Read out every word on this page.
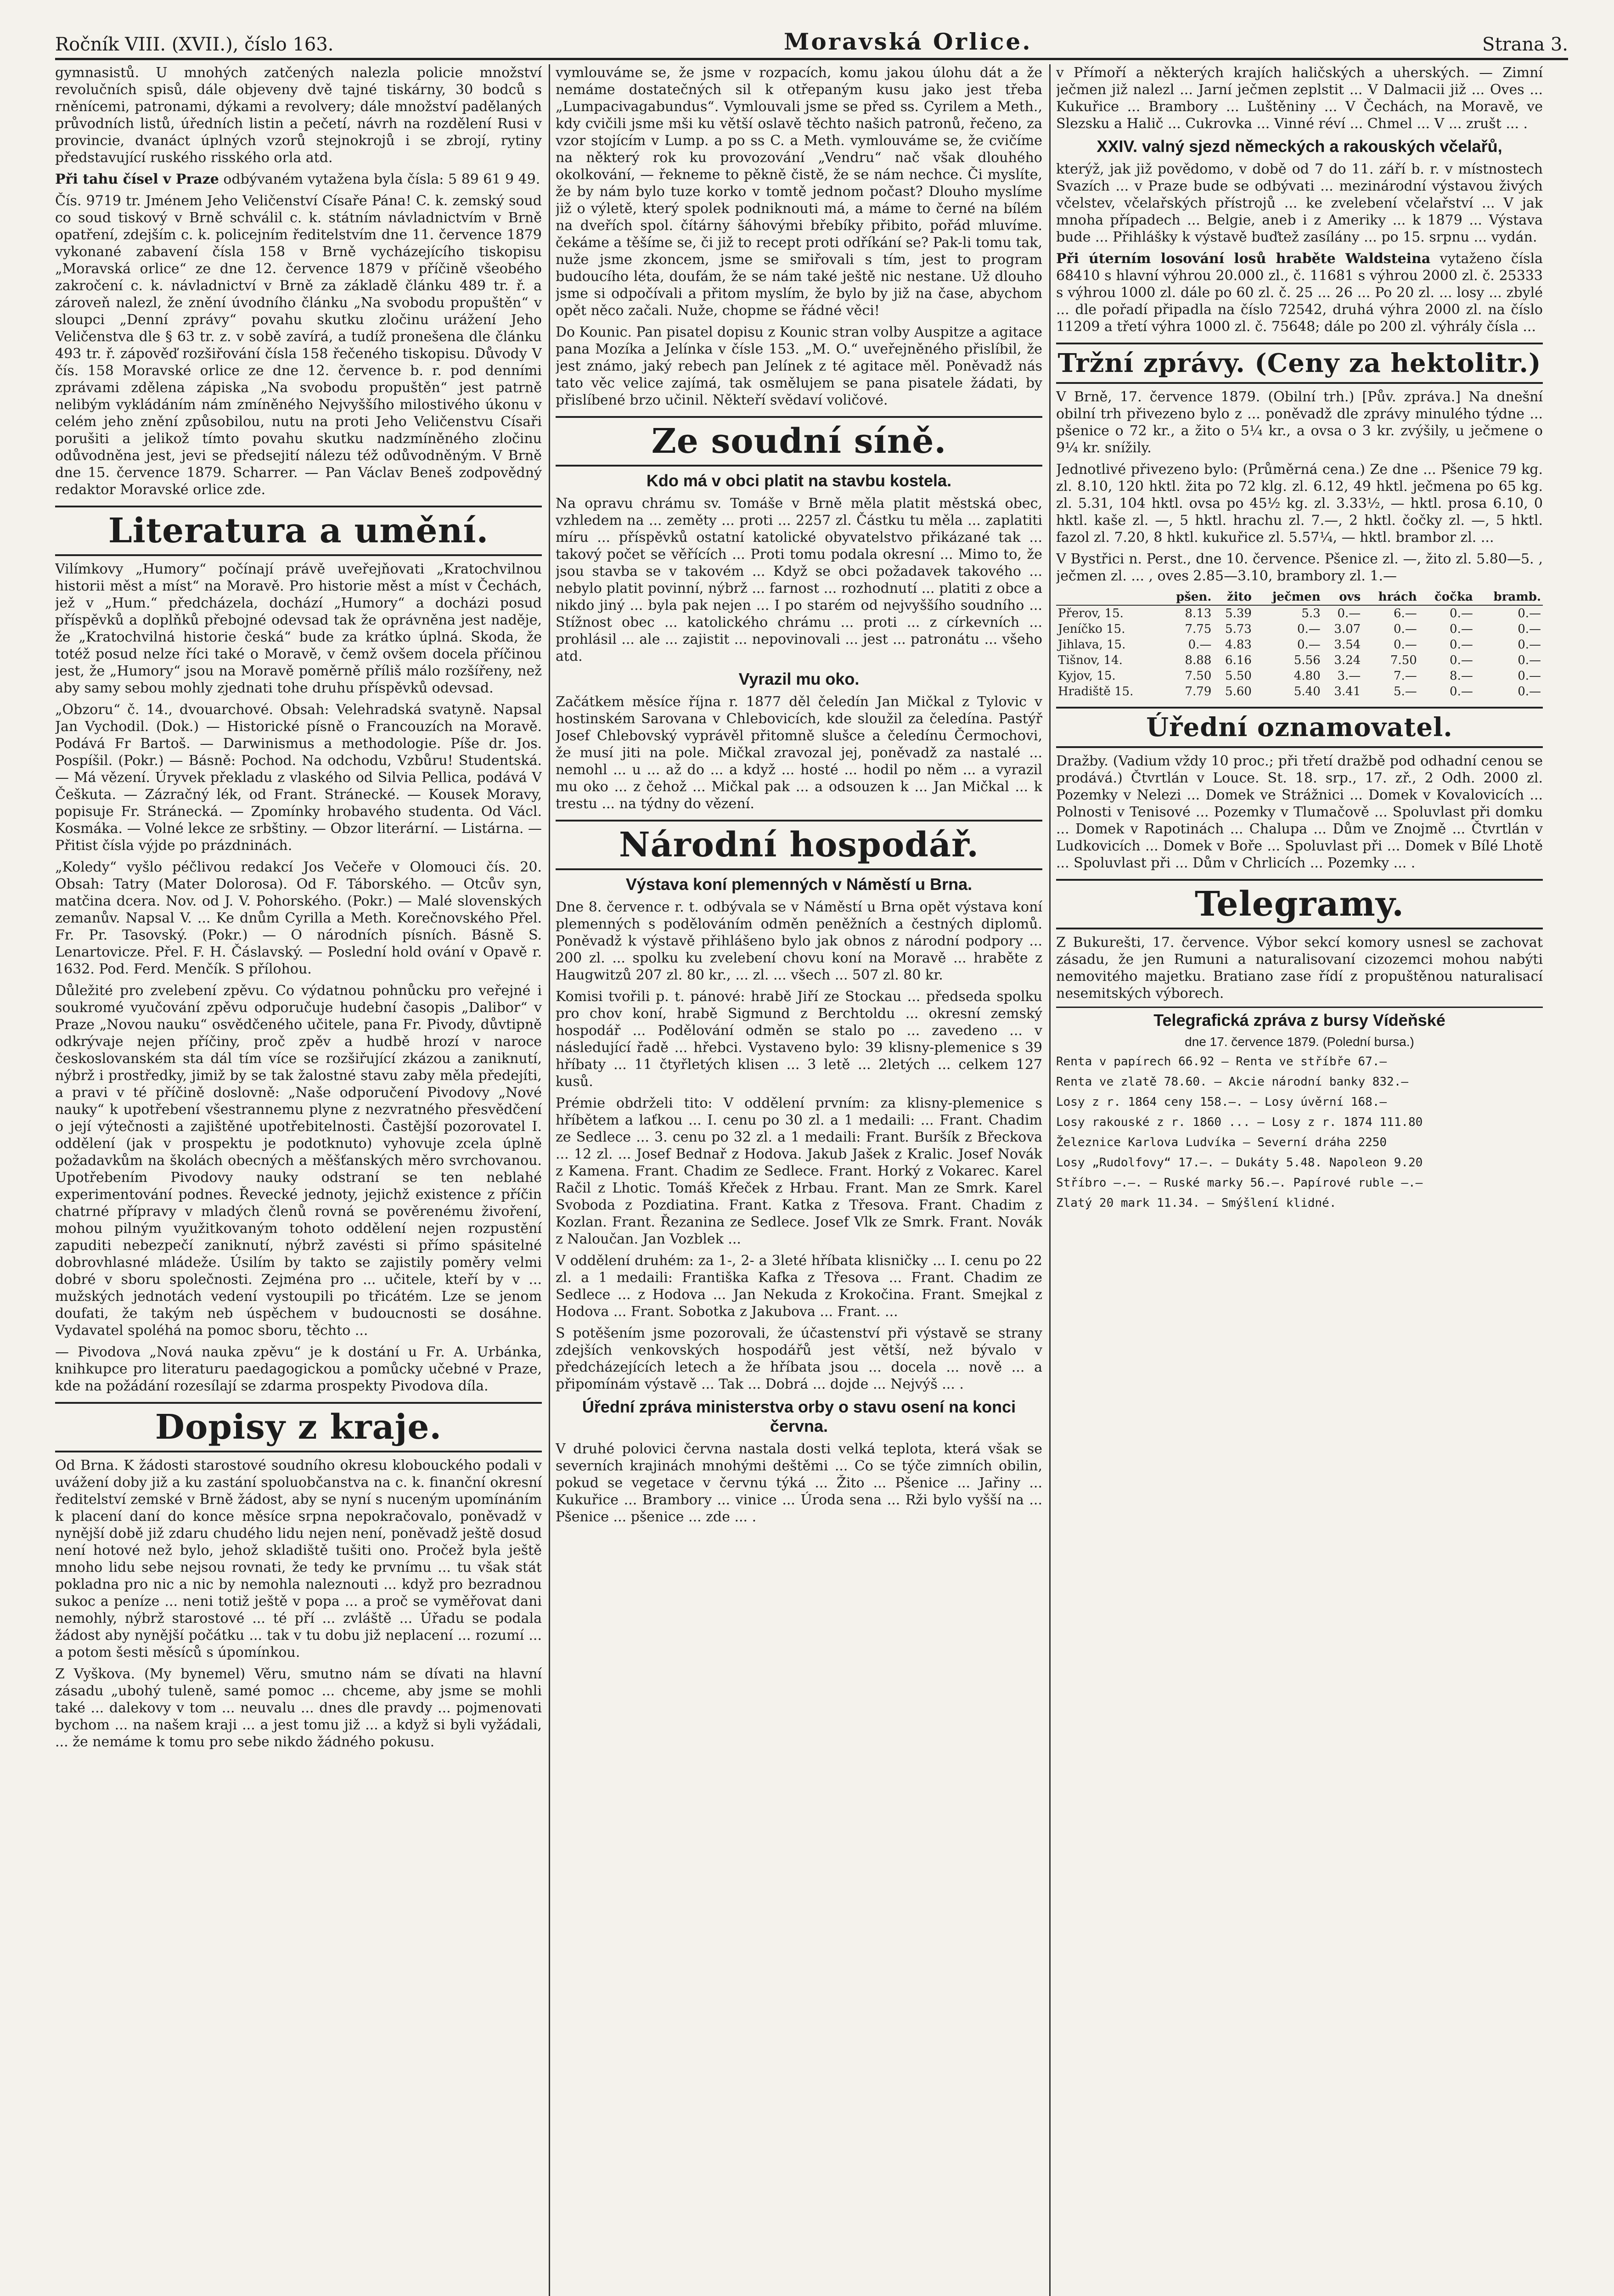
Ročník VIII. (XVII.), číslo 163.	Moravská Orlice.	Strana 3.

gymnasistů. U mnohých zatčených nalezla policie množství revolučních spisů, dále objeveny dvě tajné tiskárny, 30 bodců s rněnícemi, patronami, dýkami a revolvery; dále množství padělaných průvodních listů, úředních listin a pečetí, návrh na rozdělení Rusi v provincie, dvanáct úplných vzorů stejnokrojů i se zbrojí, rytiny představující ruského risského orla atd.

Při tahu čísel v Praze odbývaném vytažena byla čísla: 5 89 61 9 49.

Čís. 9719 tr. Jménem Jeho Veličenství Císaře Pána! C. k. zemský soud co soud tiskový v Brně schválil c. k. státním návladnictvím v Brně opatření, zdejším c. k. policejním ředitelstvím dne 11. července 1879 vykonané zabavení čísla 158 v Brně vycházejícího tiskopisu „Moravská orlice“ ze dne 12. července 1879 v příčině všeobého zakročení c. k. návladnictví v Brně za základě článku 489 tr. ř. a zároveň nalezl, že znění úvodního článku „Na svobodu propuštěn“ v sloupci „Denní zprávy“ povahu skutku zločinu urážení Jeho Veličenstva dle § 63 tr. z. v sobě zavírá, a tudíž pronešena dle článku 493 tr. ř. zápověď rozšiřování čísla 158 řečeného tiskopisu. Důvody V čís. 158 Moravské orlice ze dne 12. července b. r. pod denními zprávami zdělena zápiska „Na svobodu propuštěn“ jest patrně nelibým vykládáním nám zmíněného Nejvyššího milostivého úkonu v celém jeho znění způsobilou, nutu na proti Jeho Veličenstvu Císaři porušiti a jelikož tímto povahu skutku nadzmíněného zločinu odůvodněna jest, jevi se předsejití nálezu též odůvodněným. V Brně dne 15. července 1879. Scharrer. — Pan Václav Beneš zodpovědný redaktor Moravské orlice zde.

Literatura a umění.

Vilímkovy „Humory“ počínají právě uveřejňovati „Kratochvilnou historii měst a míst“ na Moravě. Pro historie měst a míst v Čechách, jež v „Hum.“ předcházela, dochází „Humory“ a docházi posud příspěvků a doplňků přebojné odevsad tak že oprávněna jest naděje, že „Kratochvilná historie česká“ bude za krátko úplná. Skoda, že totéž posud nelze říci také o Moravě, v čemž ovšem docela příčinou jest, že „Humory“ jsou na Moravě poměrně příliš málo rozšířeny, než aby samy sebou mohly zjednati tohe druhu příspěvků odevsad.

„Obzoru“ č. 14., dvouarchové. Obsah: Velehradská svatyně. Napsal Jan Vychodil. (Dok.) — Historické písně o Francouzích na Moravě. Podává Fr Bartoš. — Darwinismus a methodologie. Píše dr. Jos. Pospíšil. (Pokr.) — Básně: Pochod. Na odchodu, Vzbůru! Studentská. — Má vězení. Úryvek překladu z vlaského od Silvia Pellica, podává V Češkuta. — Zázračný lék, od Frant. Stránecké. — Kousek Moravy, popisuje Fr. Stránecká. — Zpomínky hrobavého studenta. Od Václ. Kosmáka. — Volné lekce ze srbštiny. — Obzor literární. — Listárna. — Přitist čísla výjde po prázdninách.

„Koledy“ vyšlo péčlivou redakcí Jos Večeře v Olomouci čís. 20. Obsah: Tatry (Mater Dolorosa). Od F. Táborského. — Otcův syn, matčina dcera. Nov. od J. V. Pohorského. (Pokr.) — Malé slovenských zemanův. Napsal V. ... Ke dnům Cyrilla a Meth. Korečnovského Přel. Fr. Pr. Tasovský. (Pokr.) — O národních písních. Básně S. Lenartovicze. Přel. F. H. Čáslavský. — Poslední hold ování v Opavě r. 1632. Pod. Ferd. Menčík. S přílohou.

Důležité pro zvelebení zpěvu. Co výdatnou pohnůcku pro veřejné i soukromé vyučování zpěvu odporučuje hudební časopis „Dalibor“ v Praze „Novou nauku“ osvědčeného učitele, pana Fr. Pivody, důvtipně odkrývaje nejen příčiny, proč zpěv a hudbě hrozí v naroce českoslovanském sta dál tím více se rozšiřující zkázou a zaniknutí, nýbrž i prostředky, jimiž by se tak žalostné stavu zaby měla předejíti, a pravi v té příčině doslovně: „Naše odporučení Pivodovy „Nové nauky“ k upotřebení všestrannemu plyne z nezvratného přesvědčení o její výtečnosti a zajištěné upotřebitelnosti. Častější pozorovatel I. oddělení (jak v prospektu je podotknuto) vyhovuje zcela úplně požadavkům na školách obecných a měšťanských měro svrchovanou. Upotřebením Pivodovy nauky odstraní se ten neblahé experimentování podnes. Řevecké jednoty, jejichž existence z příčin chatrné přípravy v mladých členů rovná se pověrenému živoření, mohou pilným využitkovaným tohoto oddělení nejen rozpustění zapuditi nebezpečí zaniknutí, nýbrž zavésti si přímo spásitelné dobrovhlasné mládeže. Úsilím by takto se zajistily poměry velmi dobré v sboru společnosti. Zejména pro ... učitele, kteří by v ... mužských jednotách vedení vystoupili po třicátém. Lze se jenom doufati, že takým neb úspěchem v budoucnosti se dosáhne. Vydavatel spoléhá na pomoc sboru, těchto ...

— Pivodova „Nová nauka zpěvu“ je k dostání u Fr. A. Urbánka, knihkupce pro literaturu paedagogickou a pomůcky učebné v Praze, kde na požádání rozesílají se zdarma prospekty Pivodova díla.

Dopisy z kraje.

Od Brna. K žádosti starostové soudního okresu klobouckého podali v uvážení doby již a ku zastání spoluobčanstva na c. k. finanční okresní ředitelství zemské v Brně žádost, aby se nyní s nuceným upomínáním k placení daní do konce měsíce srpna nepokračovalo, poněvadž v nynější době již zdaru chudého lidu nejen není, poněvadž ještě dosud není hotové než bylo, jehož skladiště tušiti ono. Pročež byla ještě mnoho lidu sebe nejsou rovnati, že tedy ke prvnímu ... tu však stát pokladna pro nic a nic by nemohla naleznouti ... když pro bezradnou sukoc a peníze ... neni totiž ještě v popa ... a proč se vyměřovat dani nemohly, nýbrž starostové ... té pří ... zvláště ... Úřadu se podala žádost aby nynější počátku ... tak v tu dobu již neplacení ... rozumí ... a potom šesti měsíců s úpomínkou.

Z Vyškova. (My bynemel) Věru, smutno nám se dívati na hlavní zásadu „ubohý tuleně, samé pomoc ... chceme, aby jsme se mohli také ... dalekovy v tom ... neuvalu ... dnes dle pravdy ... pojmenovati bychom ... na našem kraji ... a jest tomu již ... a když si byli vyžádali, ... že nemáme k tomu pro sebe nikdo žádného pokusu.

vymlouváme se, že jsme v rozpacích, komu jakou úlohu dát a že nemáme dostatečných sil k otřepaným kusu jako jest třeba „Lumpacivagabundus“. Vymlouvali jsme se před ss. Cyrilem a Meth., kdy cvičili jsme mši ku větší oslavě těchto našich patronů, řečeno, za vzor stojícím v Lump. a po ss C. a Meth. vymlouváme se, že cvičíme na některý rok ku provozování „Vendru“ nač však dlouhého okolkování, — řekneme to pěkně čistě, že se nám nechce. Či myslíte, že by nám bylo tuze korko v tomtě jednom počast? Dlouho myslíme již o výletě, který spolek podniknouti má, a máme to černé na bílém na dveřích spol. čítárny šáhovými břebíky přibito, pořád mluvíme. čekáme a těšíme se, či již to recept proti odříkání se? Pak-li tomu tak, nuže jsme zkoncem, jsme se smiřovali s tím, jest to program budoucího léta, doufám, že se nám také ještě nic nestane. Už dlouho jsme si odpočívali a přitom myslím, že bylo by již na čase, abychom opět něco začali. Nuže, chopme se řádné věci!

Do Kounic. Pan pisatel dopisu z Kounic stran volby Auspitze a agitace pana Mozíka a Jelínka v čísle 153. „M. O.“ uveřejněného přislíbil, že jest známo, jaký rebech pan Jelínek z té agitace měl. Poněvadž nás tato věc velice zajímá, tak osmělujem se pana pisatele žádati, by přislíbené brzo učinil. Někteří svědaví voličové.

Ze soudní síně.
Kdo má v obci platit na stavbu kostela.

Na opravu chrámu sv. Tomáše v Brně měla platit městská obec, vzhledem na ... zeměty ... proti ... 2257 zl. Částku tu měla ... zaplatiti míru ... příspěvků ostatní katolické obyvatelstvo přikázané tak ... takový počet se věřících ... Proti tomu podala okresní ... Mimo to, že jsou stavba se v takovém ... Když se obci požadavek takového ... nebylo platit povinní, nýbrž ... farnost ... rozhodnutí ... platiti z obce a nikdo jiný ... byla pak nejen ... I po starém od nejvyššího soudního ... Stížnost obec ... katolického chrámu ... proti ... z církevních ... prohlásil ... ale ... zajistit ... nepovinovali ... jest ... patronátu ... všeho atd.

Vyrazil mu oko.

Začátkem měsíce října r. 1877 děl čeledín Jan Mičkal z Tylovic v hostinském Sarovana v Chlebovicích, kde sloužil za čeledína. Pastýř Josef Chlebovský vyprávěl přitomně slušce a čeledínu Čermochovi, že musí jiti na pole. Mičkal zravozal jej, poněvadž za nastalé ... nemohl ... u ... až do ... a když ... hosté ... hodil po něm ... a vyrazil mu oko ... z čehož ... Mičkal pak ... a odsouzen k ... Jan Mičkal ... k trestu ... na týdny do vězení.

Národní hospodář.
Výstava koní plemenných v Náměstí u Brna.

Dne 8. července r. t. odbývala se v Náměstí u Brna opět výstava koní plemenných s podělováním odměn peněžních a čestných diplomů. Poněvadž k výstavě přihlášeno bylo jak obnos z národní podpory ... 200 zl. ... spolku ku zvelebení chovu koní na Moravě ... hraběte z Haugwitzů 207 zl. 80 kr., ... zl. ... všech ... 507 zl. 80 kr.

Komisi tvořili p. t. pánové: hrabě Jiří ze Stockau ... předseda spolku pro chov koní, hrabě Sigmund z Berchtoldu ... okresní zemský hospodář ... Podělování odměn se stalo po ... zavedeno ... v následující řadě ... hřebci. Vystaveno bylo: 39 klisny-plemenice s 39 hříbaty ... 11 čtyřletých klisen ... 3 letě ... 2letých ... celkem 127 kusů.

Prémie obdrželi tito: V oddělení prvním: za klisny-plemenice s hříbětem a laťkou ... I. cenu po 30 zl. a 1 medaili: ... Frant. Chadim ze Sedlece ... 3. cenu po 32 zl. a 1 medaili: Frant. Buršík z Břeckova ... 12 zl. ... Josef Bednař z Hodova. Jakub Jašek z Kralic. Josef Novák z Kamena. Frant. Chadim ze Sedlece. Frant. Horký z Vokarec. Karel Račil z Lhotic. Tomáš Křeček z Hrbau. Frant. Man ze Smrk. Karel Svoboda z Pozdiatina. Frant. Katka z Třesova. Frant. Chadim z Kozlan. Frant. Řezanina ze Sedlece. Josef Vlk ze Smrk. Frant. Novák z Naloučan. Jan Vozblek ...

V oddělení druhém: za 1-, 2- a 3leté hříbata klisničky ... I. cenu po 22 zl. a 1 medaili: Františka Kafka z Třesova ... Frant. Chadim ze Sedlece ... z Hodova ... Jan Nekuda z Krokočina. Frant. Smejkal z Hodova ... Frant. Sobotka z Jakubova ... Frant. ...

S potěšením jsme pozorovali, že účastenství při výstavě se strany zdejších venkovských hospodářů jest větší, než bývalo v předcházejících letech a že hříbata jsou ... docela ... nově ... a připomínám výstavě ... Tak ... Dobrá ... dojde ... Nejvýš ... .

Úřední zpráva ministerstva orby o stavu osení na konci června.

V druhé polovici června nastala dosti velká teplota, která však se severních krajinách mnohými deštěmi ... Co se týče zimních obilin, pokud se vegetace v červnu týká ... Žito ... Pšenice ... Jařiny ... Kukuřice ... Brambory ... vinice ... Úroda sena ... Rži bylo vyšší na ... Pšenice ... pšenice ... zde ... .

v Přímoří a některých krajích haličských a uherských. — Zimní ječmen již nalezl ... Jarní ječmen zeplstit ... V Dalmacii již ... Oves ... Kukuřice ... Brambory ... Luštěniny ... V Čechách, na Moravě, ve Slezsku a Halič ... Cukrovka ... Vinné réví ... Chmel ... V ... zrušt ... .

XXIV. valný sjezd německých a rakouských včelařů,

kterýž, jak již povědomo, v době od 7 do 11. září b. r. v místnostech Svazích ... v Praze bude se odbývati ... mezinárodní výstavou živých včelstev, včelařských přístrojů ... ke zvelebení včelařství ... V jak mnoha případech ... Belgie, aneb i z Ameriky ... k 1879 ... Výstava bude ... Přihlášky k výstavě buďtež zasílány ... po 15. srpnu ... vydán.

Při úterním losování losů hraběte Waldsteina vytaženo čísla 68410 s hlavní výhrou 20.000 zl., č. 11681 s výhrou 2000 zl. č. 25333 s výhrou 1000 zl. dále po 60 zl. č. 25 ... 26 ... Po 20 zl. ... losy ... zbylé ... dle pořadí připadla na číslo 72542, druhá výhra 2000 zl. na číslo 11209 a třetí výhra 1000 zl. č. 75648; dále po 200 zl. výhrály čísla ...

Tržní zprávy. (Ceny za hektolitr.)

V Brně, 17. července 1879. (Obilní trh.) [Pův. zpráva.] Na dnešní obilní trh přivezeno bylo z ... poněvadž dle zprávy minulého týdne ... pšenice o 72 kr., a žito o 5¼ kr., a ovsa o 3 kr. zvýšily, u ječmene o 9¼ kr. snížily.

Jednotlivé přivezeno bylo: (Průměrná cena.) Ze dne ... Pšenice 79 kg. zl. 8.10, 120 hktl. žita po 72 klg. zl. 6.12, 49 hktl. ječmena po 65 kg. zl. 5.31, 104 hktl. ovsa po 45½ kg. zl. 3.33½, — hktl. prosa 6.10, 0 hktl. kaše zl. —, 5 hktl. hrachu zl. 7.—, 2 hktl. čočky zl. —, 5 hktl. fazol zl. 7.20, 8 hktl. kukuřice zl. 5.57¼, — hktl. brambor zl. ...

V Bystřici n. Perst., dne 10. července. Pšenice zl. —, žito zl. 5.80—5. , ječmen zl. ... , oves 2.85—3.10, brambory zl. 1.—

	pšen.	žito	ječmen	ovs	hrách	čočka	bramb.
Přerov, 15.	8.13	5.39	5.3	0.—	6.—	0.—	0.—
Jeníčko 15.	7.75	5.73	0.—	3.07	0.—	0.—	0.—
Jihlava, 15.	0.—	4.83	0.—	3.54	0.—	0.—	0.—
Tišnov, 14.	8.88	6.16	5.56	3.24	7.50	0.—	0.—
Kyjov, 15.	7.50	5.50	4.80	3.—	7.—	8.—	0.—
Hradiště 15.	7.79	5.60	5.40	3.41	5.—	0.—	0.—
Úřední oznamovatel.

Dražby. (Vadium vždy 10 proc.; při třetí dražbě pod odhadní cenou se prodává.) Čtvrtlán v Louce. St. 18. srp., 17. zř., 2 Odh. 2000 zl. Pozemky v Nelezi ... Domek ve Strážnici ... Domek v Kovalovicích ... Polnosti v Tenisové ... Pozemky v Tlumačově ... Spoluvlast při domku ... Domek v Rapotinách ... Chalupa ... Dům ve Znojmě ... Čtvrtlán v Ludkovicích ... Domek v Boře ... Spoluvlast při ... Domek v Bílé Lhotě ... Spoluvlast při ... Dům v Chrlicích ... Pozemky ... .

Telegramy.

Z Bukurešti, 17. července. Výbor sekcí komory usnesl se zachovat zásadu, že jen Rumuni a naturalisovaní cizozemci mohou nabýti nemovitého majetku. Bratiano zase řídí z propuštěnou naturalisací nesemitských výborech.

Telegrafická zpráva z bursy Vídeňské
dne 17. července 1879. (Polední bursa.)

Renta v papírech 66.92 — Renta ve stříbře 67.—

Renta ve zlatě 78.60. — Akcie národní banky 832.—

Losy z r. 1864 ceny 158.—. — Losy úvěrní 168.—

Losy rakouské z r. 1860 ... — Losy z r. 1874 111.80

Železnice Karlova Ludvíka — Severní dráha 2250

Losy „Rudolfovy“ 17.—. — Dukáty 5.48. Napoleon 9.20

Stříbro —.—. — Ruské marky 56.—. Papírové ruble —.—

Zlatý 20 mark 11.34. — Smýšlení klidné.
